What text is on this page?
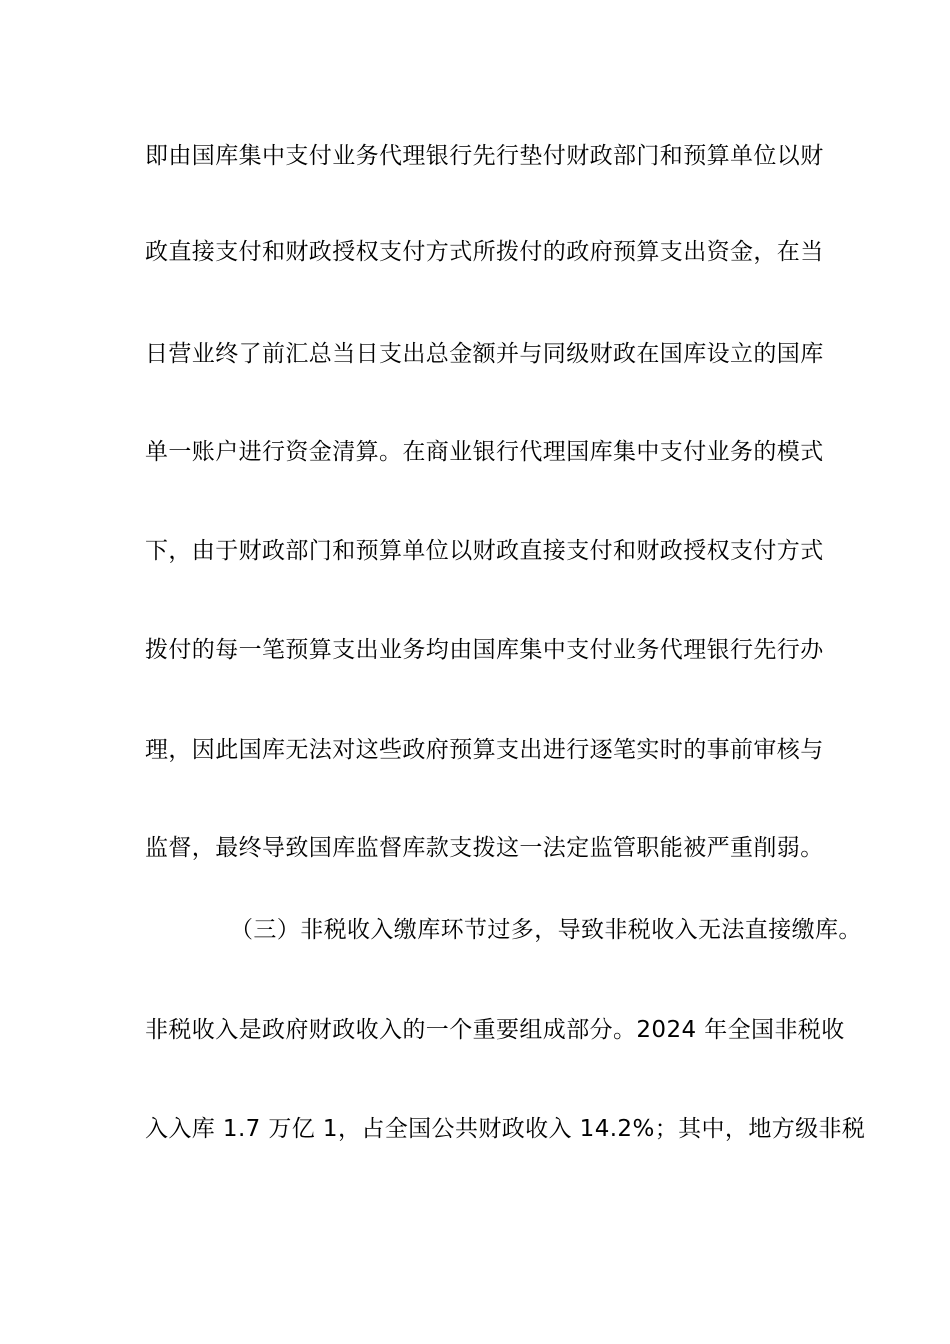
即由国库集中支付业务代理银行先行垫付财政部门和预算单位以财
政直接支付和财政授权支付方式所拨付的政府预算支出资金，在当
日营业终了前汇总当日支出总金额并与同级财政在国库设立的国库
单一账户进行资金清算。在商业银行代理国库集中支付业务的模式
下，由于财政部门和预算单位以财政直接支付和财政授权支付方式
拨付的每一笔预算支出业务均由国库集中支付业务代理银行先行办
理，因此国库无法对这些政府预算支出进行逐笔实时的事前审核与
监督，最终导致国库监督库款支拨这一法定监管职能被严重削弱。
（三）非税收入缴库环节过多，导致非税收入无法直接缴库。
非税收入是政府财政收入的一个重要组成部分。2024 年全国非税收
入入库 1.7 万亿 1，占全国公共财政收入 14.2%；其中，地方级非税
